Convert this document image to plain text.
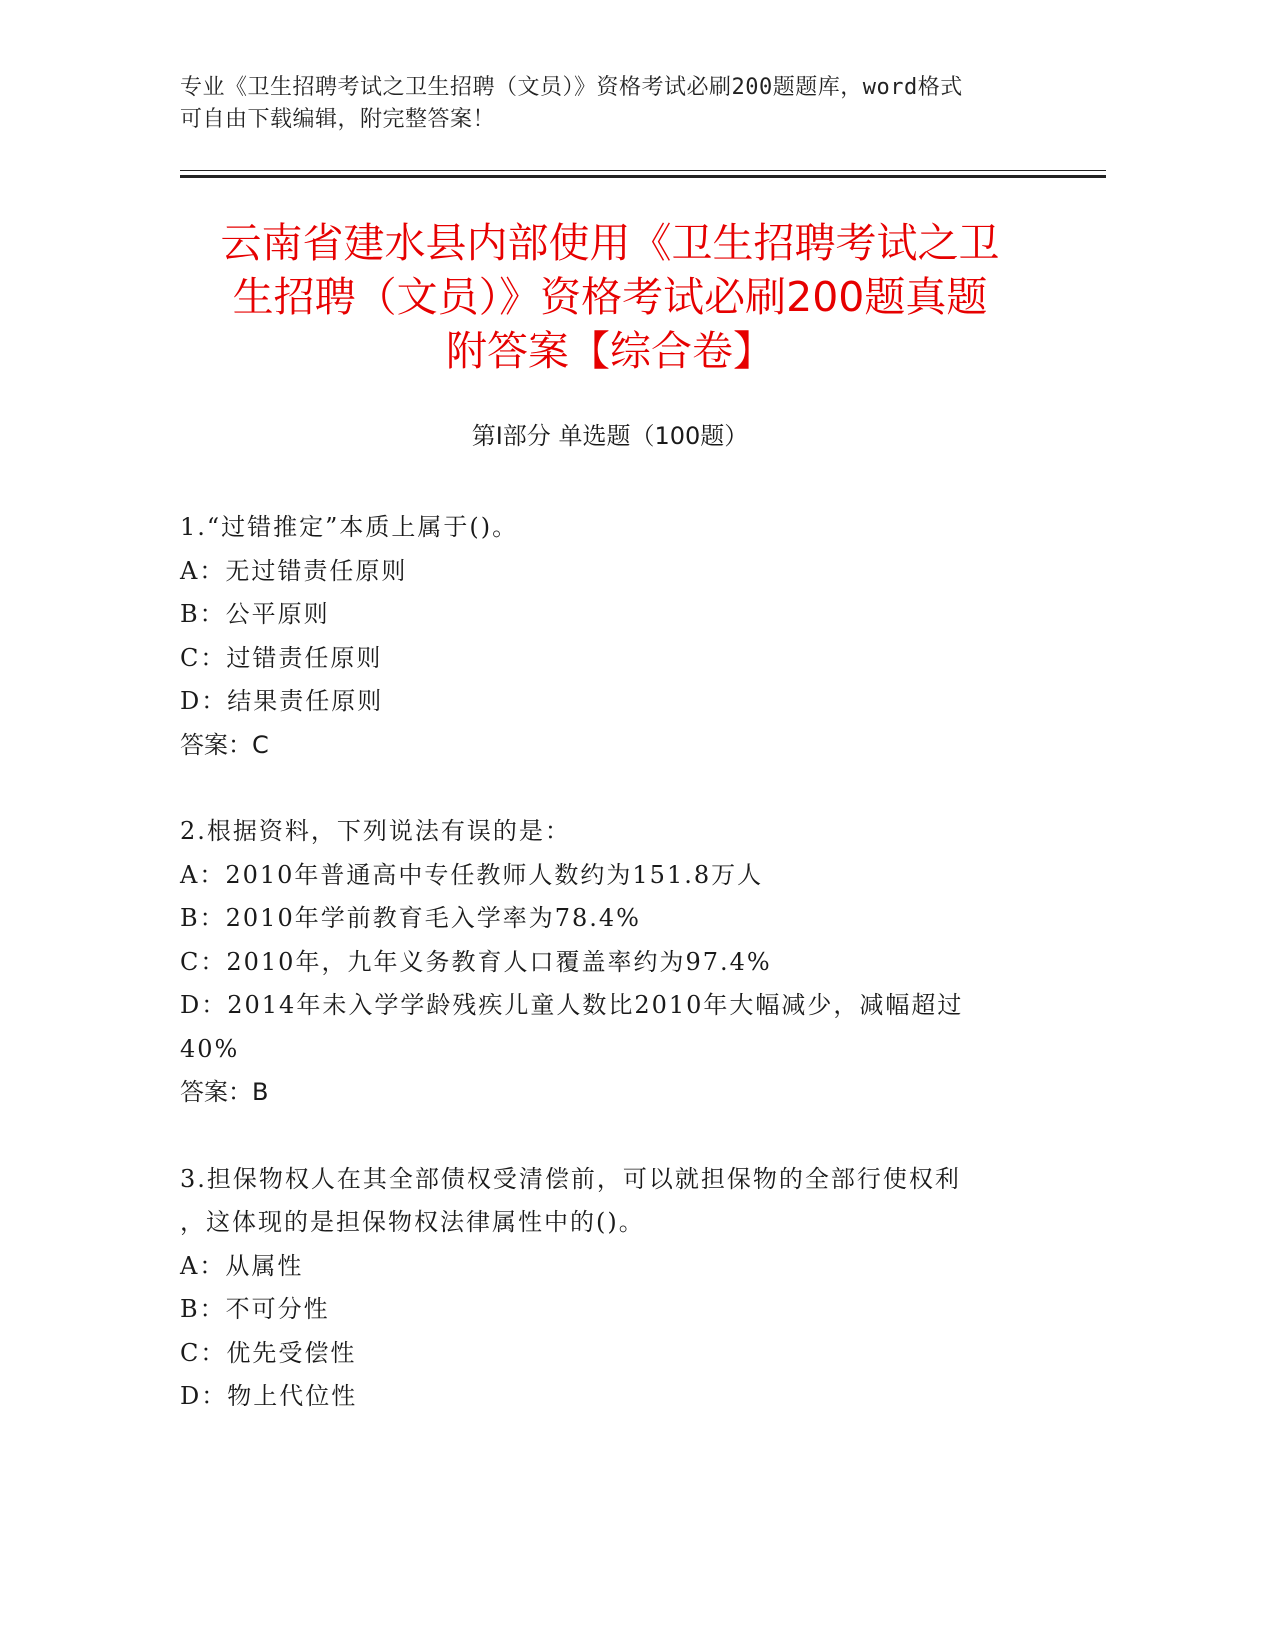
专业《卫生招聘考试之卫生招聘（文员）》资格考试必刷200题题库，word格式
可自由下载编辑，附完整答案！
云南省建水县内部使用《卫生招聘考试之卫
生招聘（文员）》资格考试必刷200题真题
附答案【综合卷】
第Ⅰ部分 单选题（100题）
1.“过错推定”本质上属于()。
A：无过错责任原则
B：公平原则
C：过错责任原则
D：结果责任原则
答案：C
2.根据资料，下列说法有误的是：
A：2010年普通高中专任教师人数约为151.8万人
B：2010年学前教育毛入学率为78.4%
C：2010年，九年义务教育人口覆盖率约为97.4%
D：2014年未入学学龄残疾儿童人数比2010年大幅减少，减幅超过
40%
答案：B
3.担保物权人在其全部债权受清偿前，可以就担保物的全部行使权利
，这体现的是担保物权法律属性中的()。
A：从属性
B：不可分性
C：优先受偿性
D：物上代位性
